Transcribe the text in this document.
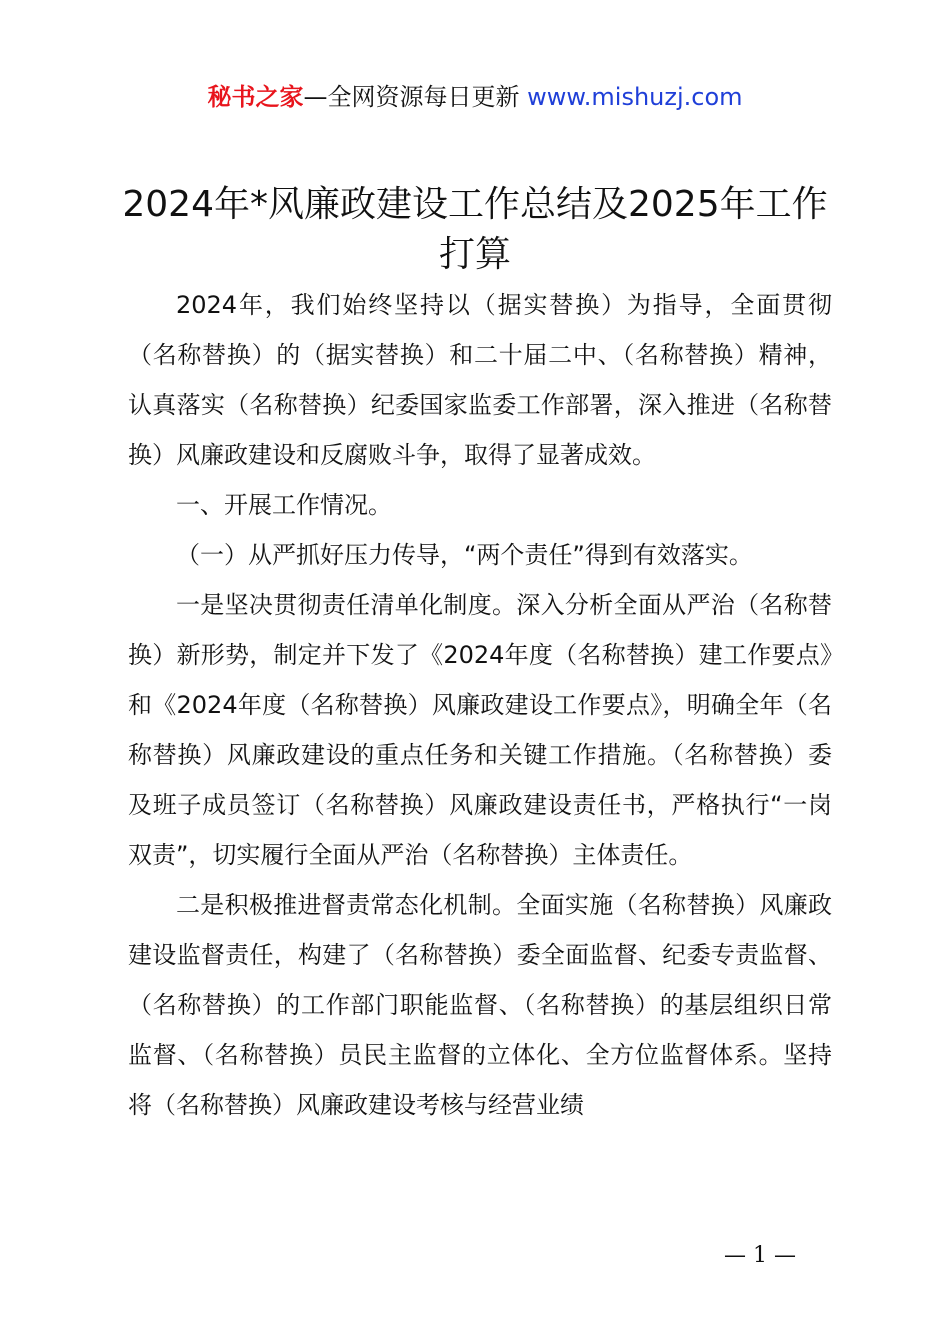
秘书之家—全网资源每日更新 www.mishuzj.com
2024年*风廉政建设工作总结及2025年工作打算

2024年，我们始终坚持以（据实替换）为指导，全面贯彻（名称替换）的（据实替换）和二十届二中、（名称替换）精神，认真落实（名称替换）纪委国家监委工作部署，深入推进（名称替换）风廉政建设和反腐败斗争，取得了显著成效。

一、开展工作情况。

（一）从严抓好压力传导，“两个责任”得到有效落实。

一是坚决贯彻责任清单化制度。深入分析全面从严治（名称替换）新形势，制定并下发了《2024年度（名称替换）建工作要点》和《2024年度（名称替换）风廉政建设工作要点》，明确全年（名称替换）风廉政建设的重点任务和关键工作措施。（名称替换）委及班子成员签订（名称替换）风廉政建设责任书，严格执行“一岗双责”，切实履行全面从严治（名称替换）主体责任。

二是积极推进督责常态化机制。全面实施（名称替换）风廉政建设监督责任，构建了（名称替换）委全面监督、纪委专责监督、（名称替换）的工作部门职能监督、（名称替换）的基层组织日常监督、（名称替换）员民主监督的立体化、全方位监督体系。坚持将（名称替换）风廉政建设考核与经营业绩

— 1 —
